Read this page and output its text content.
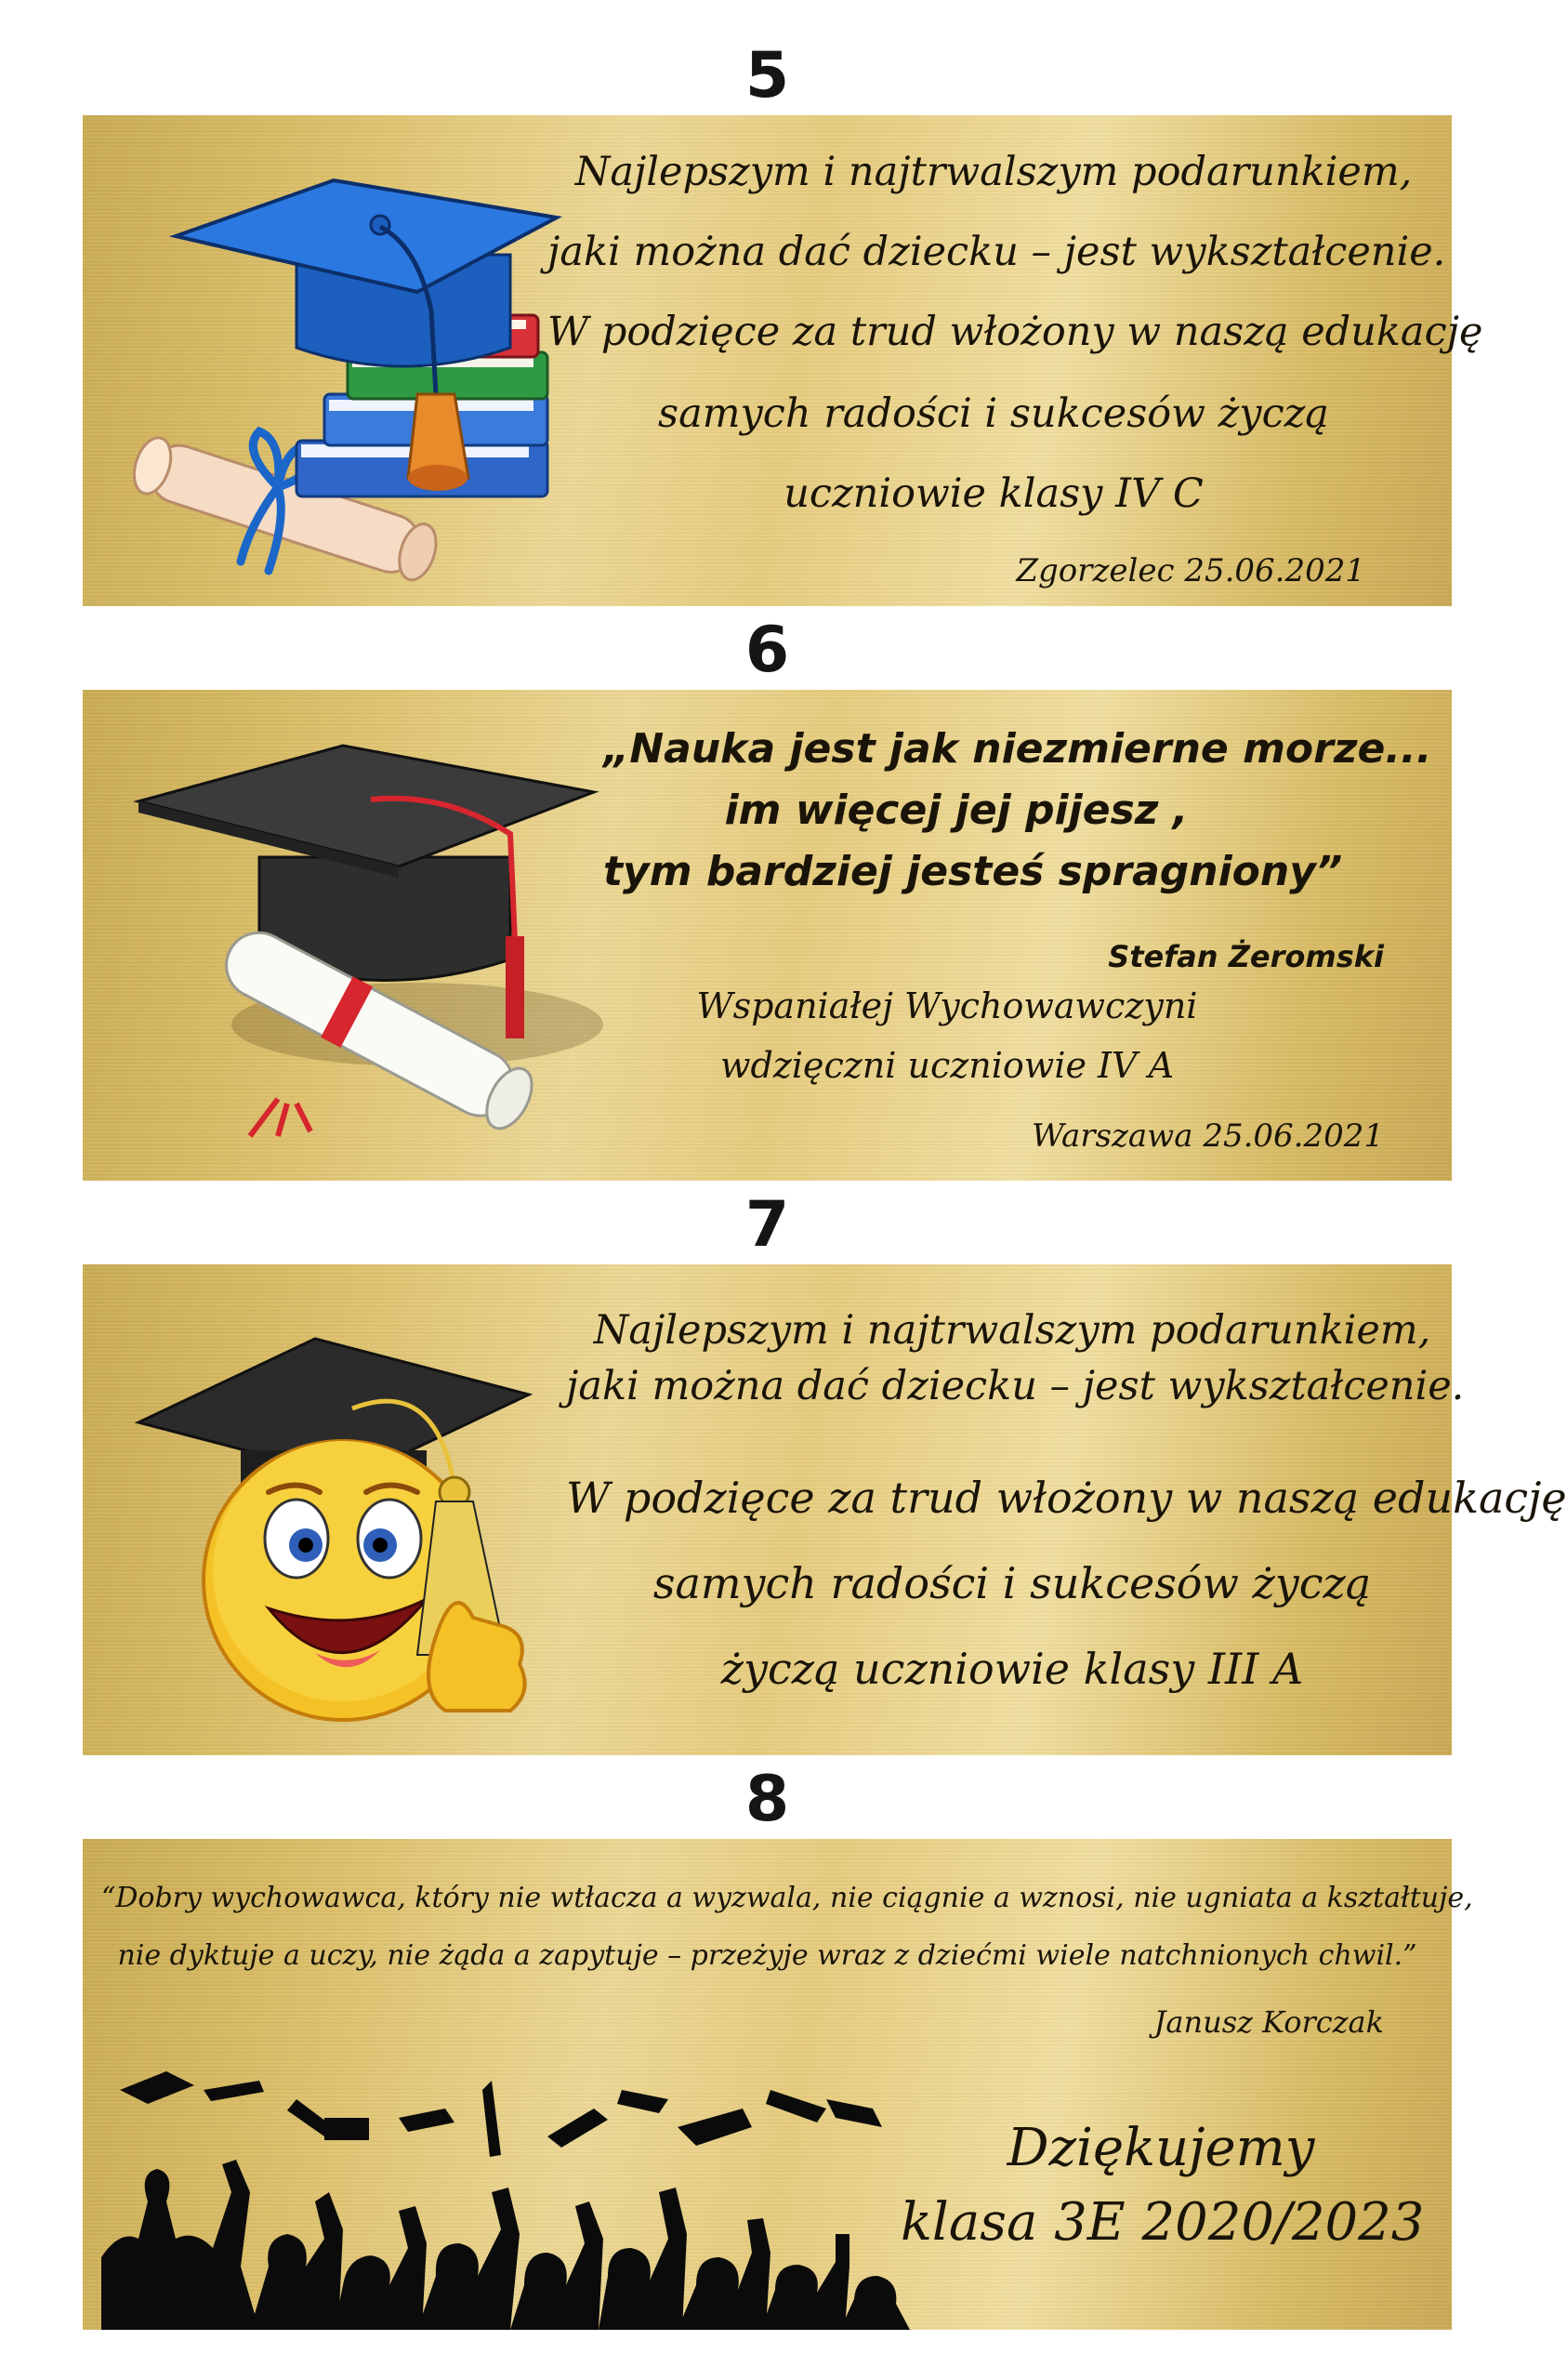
5

Najlepszym i najtrwalszym podarunkiem,

jaki można dać dziecku – jest wykształcenie.

W podzięce za trud włożony w naszą edukację

samych radości i sukcesów życzą

uczniowie klasy IV C

Zgorzelec 25.06.2021

6

„Nauka jest jak niezmierne morze...

im więcej jej pijesz ,

tym bardziej jesteś spragniony”

Stefan Żeromski

Wspaniałej Wychowawczyni

wdzięczni uczniowie IV A

Warszawa 25.06.2021

7

Najlepszym i najtrwalszym podarunkiem,

jaki można dać dziecku – jest wykształcenie.

W podzięce za trud włożony w naszą edukację

samych radości i sukcesów życzą

życzą uczniowie klasy III A

8

“Dobry wychowawca, który nie wtłacza a wyzwala, nie ciągnie a wznosi, nie ugniata a kształtuje,

nie dyktuje a uczy, nie żąda a zapytuje – przeżyje wraz z dziećmi wiele natchnionych chwil.”

Janusz Korczak

Dziękujemy

klasa 3E 2020/2023
